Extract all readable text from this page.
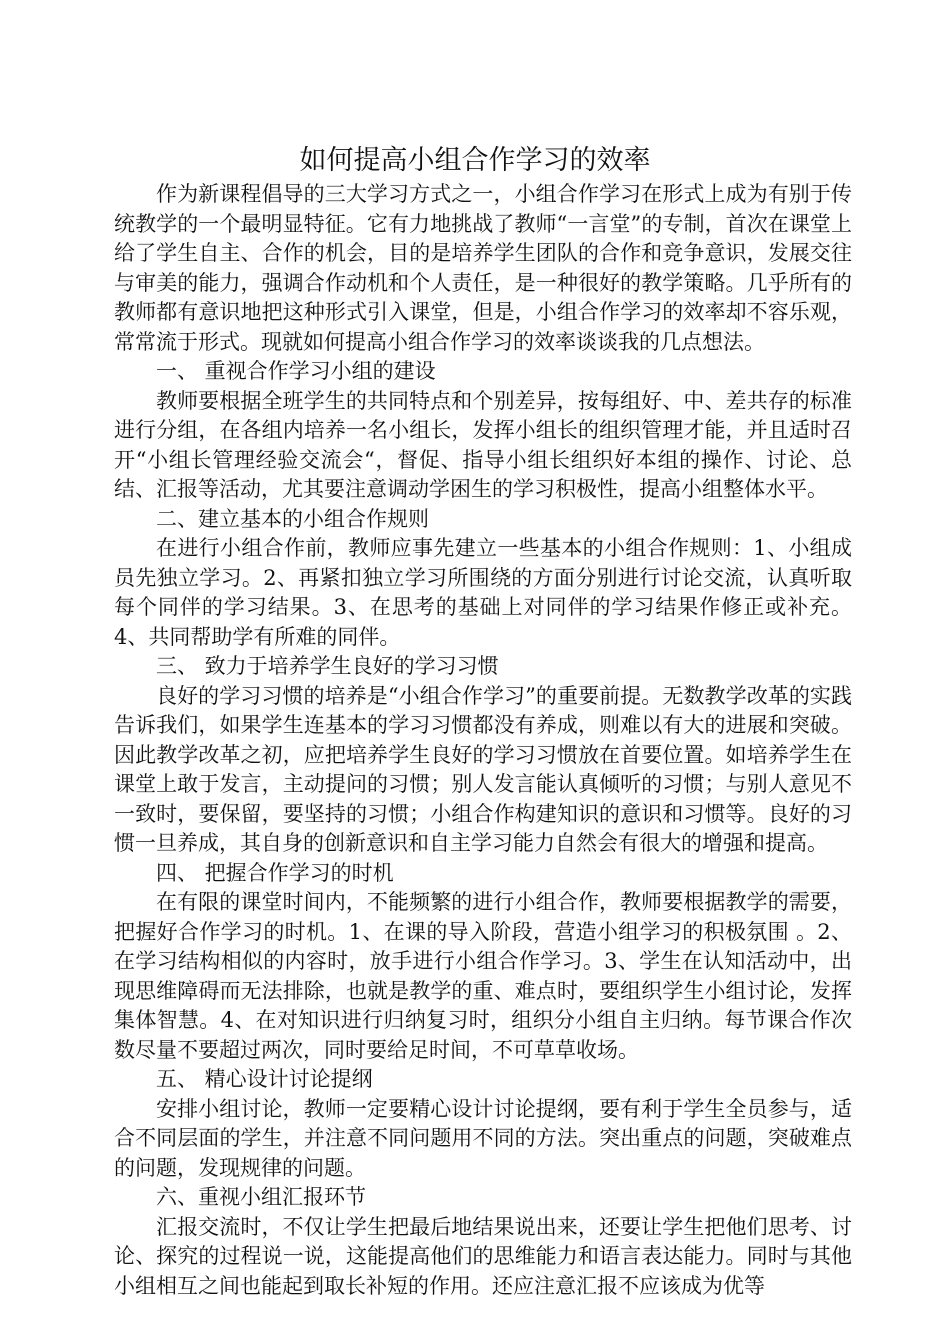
如何提高小组合作学习的效率

作为新课程倡导的三大学习方式之一，小组合作学习在形式上成为有别于传统教学的一个最明显特征。它有力地挑战了教师“一言堂”的专制，首次在课堂上给了学生自主、合作的机会，目的是培养学生团队的合作和竞争意识，发展交往与审美的能力，强调合作动机和个人责任，是一种很好的教学策略。几乎所有的教师都有意识地把这种形式引入课堂，但是，小组合作学习的效率却不容乐观，常常流于形式。现就如何提高小组合作学习的效率谈谈我的几点想法。

一、 重视合作学习小组的建设

教师要根据全班学生的共同特点和个别差异，按每组好、中、差共存的标准进行分组，在各组内培养一名小组长，发挥小组长的组织管理才能，并且适时召开“小组长管理经验交流会“，督促、指导小组长组织好本组的操作、讨论、总结、汇报等活动，尤其要注意调动学困生的学习积极性，提高小组整体水平。

二、建立基本的小组合作规则

在进行小组合作前，教师应事先建立一些基本的小组合作规则：1、小组成员先独立学习。2、再紧扣独立学习所围绕的方面分别进行讨论交流，认真听取每个同伴的学习结果。3、在思考的基础上对同伴的学习结果作修正或补充。4、共同帮助学有所难的同伴。

三、 致力于培养学生良好的学习习惯

良好的学习习惯的培养是“小组合作学习”的重要前提。无数教学改革的实践告诉我们，如果学生连基本的学习习惯都没有养成，则难以有大的进展和突破。因此教学改革之初，应把培养学生良好的学习习惯放在首要位置。如培养学生在课堂上敢于发言，主动提问的习惯；别人发言能认真倾听的习惯；与别人意见不一致时，要保留，要坚持的习惯；小组合作构建知识的意识和习惯等。良好的习惯一旦养成，其自身的创新意识和自主学习能力自然会有很大的增强和提高。

四、 把握合作学习的时机

在有限的课堂时间内，不能频繁的进行小组合作，教师要根据教学的需要，把握好合作学习的时机。1、在课的导入阶段，营造小组学习的积极氛围 。2、在学习结构相似的内容时，放手进行小组合作学习。3、学生在认知活动中，出现思维障碍而无法排除，也就是教学的重、难点时，要组织学生小组讨论，发挥集体智慧。4、在对知识进行归纳复习时，组织分小组自主归纳。每节课合作次数尽量不要超过两次，同时要给足时间，不可草草收场。

五、 精心设计讨论提纲

安排小组讨论，教师一定要精心设计讨论提纲，要有利于学生全员参与，适合不同层面的学生，并注意不同问题用不同的方法。突出重点的问题，突破难点的问题，发现规律的问题。

六、重视小组汇报环节

汇报交流时，不仅让学生把最后地结果说出来，还要让学生把他们思考、讨论、探究的过程说一说，这能提高他们的思维能力和语言表达能力。同时与其他小组相互之间也能起到取长补短的作用。还应注意汇报不应该成为优等
